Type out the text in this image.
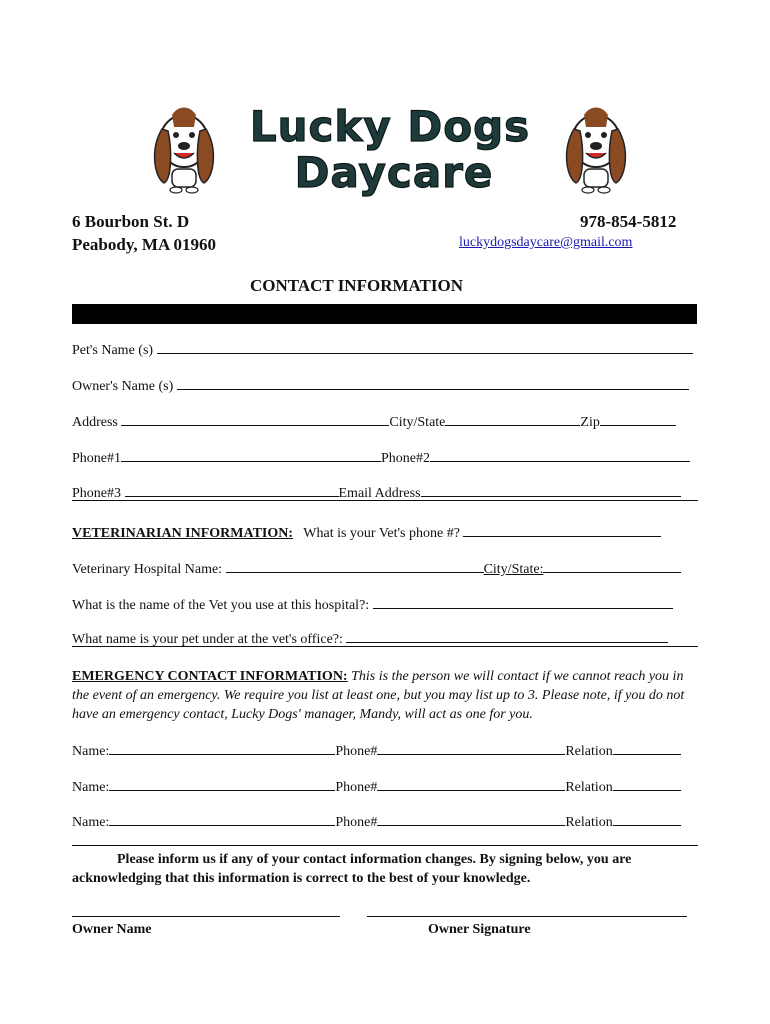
Lucky Dogs
Daycare
6 Bourbon St. D
Peabody, MA 01960
978-854-5812
luckydogsdaycare@gmail.com
CONTACT INFORMATION
Pet's Name (s)
Owner's Name (s)
Address	City/State	Zip
Phone#1	Phone#2
Phone#3	Email Address
VETERINARIAN INFORMATION: What is your Vet's phone #?
Veterinary Hospital Name:	City/State:
What is the name of the Vet you use at this hospital?:
What name is your pet under at the vet's office?:
EMERGENCY CONTACT INFORMATION: This is the person we will contact if we cannot reach you in the event of an emergency. We require you list at least one, but you may list up to 3. Please note, if you do not have an emergency contact, Lucky Dogs' manager, Mandy, will act as one for you.
Name:	Phone#	Relation
Name:	Phone#	Relation
Name:	Phone#	Relation
Please inform us if any of your contact information changes. By signing below, you are acknowledging that this information is correct to the best of your knowledge.
Owner Name	Owner Signature
